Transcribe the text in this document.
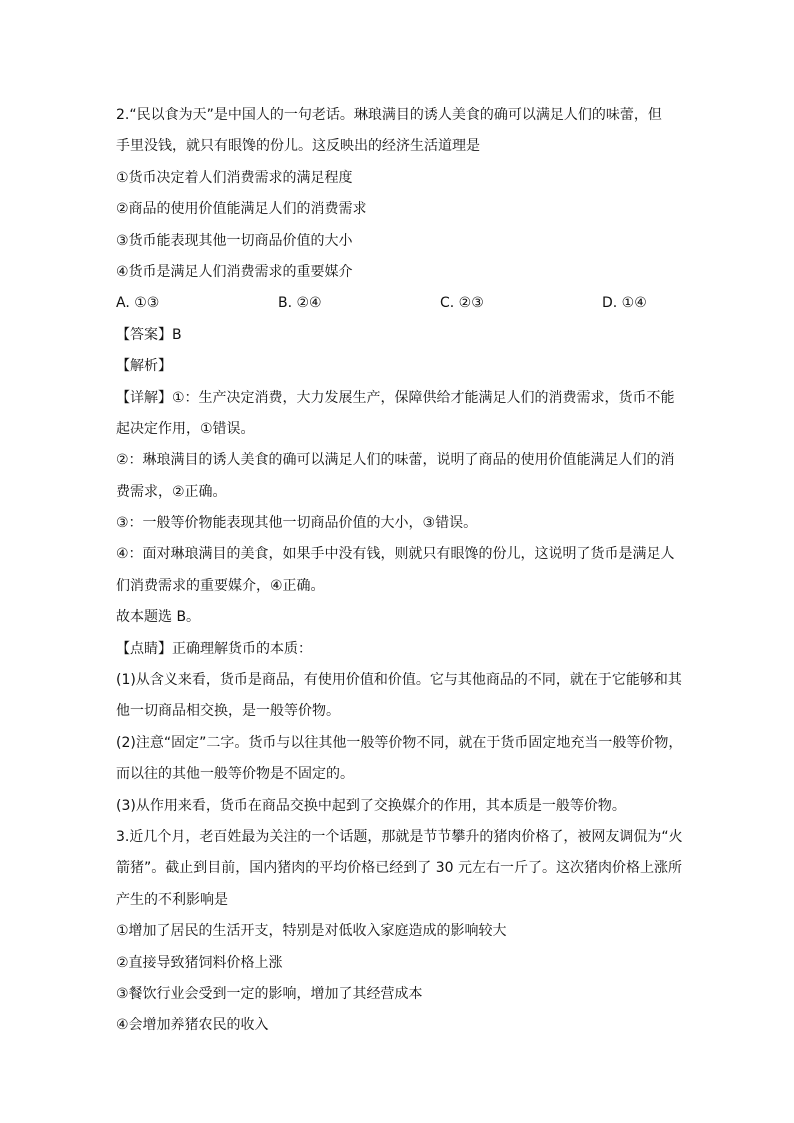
2.“民以食为天”是中国人的一句老话。琳琅满目的诱人美食的确可以满足人们的味蕾，但
手里没钱，就只有眼馋的份儿。这反映出的经济生活道理是
①货币决定着人们消费需求的满足程度
②商品的使用价值能满足人们的消费需求
③货币能表现其他一切商品价值的大小
④货币是满足人们消费需求的重要媒介
A. ①③	B. ②④	C. ②③	D. ①④
【答案】B
【解析】
【详解】①：生产决定消费，大力发展生产，保障供给才能满足人们的消费需求，货币不能
起决定作用，①错误。
②：琳琅满目的诱人美食的确可以满足人们的味蕾，说明了商品的使用价值能满足人们的消
费需求，②正确。
③：一般等价物能表现其他一切商品价值的大小，③错误。
④：面对琳琅满目的美食，如果手中没有钱，则就只有眼馋的份儿，这说明了货币是满足人
们消费需求的重要媒介，④正确。
故本题选 B。
【点睛】正确理解货币的本质：
(1)从含义来看，货币是商品，有使用价值和价值。它与其他商品的不同，就在于它能够和其
他一切商品相交换，是一般等价物。
(2)注意“固定”二字。货币与以往其他一般等价物不同，就在于货币固定地充当一般等价物，
而以往的其他一般等价物是不固定的。
(3)从作用来看，货币在商品交换中起到了交换媒介的作用，其本质是一般等价物。
3.近几个月，老百姓最为关注的一个话题，那就是节节攀升的猪肉价格了，被网友调侃为“火
箭猪”。截止到目前，国内猪肉的平均价格已经到了 30 元左右一斤了。这次猪肉价格上涨所
产生的不利影响是
①增加了居民的生活开支，特别是对低收入家庭造成的影响较大
②直接导致猪饲料价格上涨
③餐饮行业会受到一定的影响，增加了其经营成本
④会增加养猪农民的收入
